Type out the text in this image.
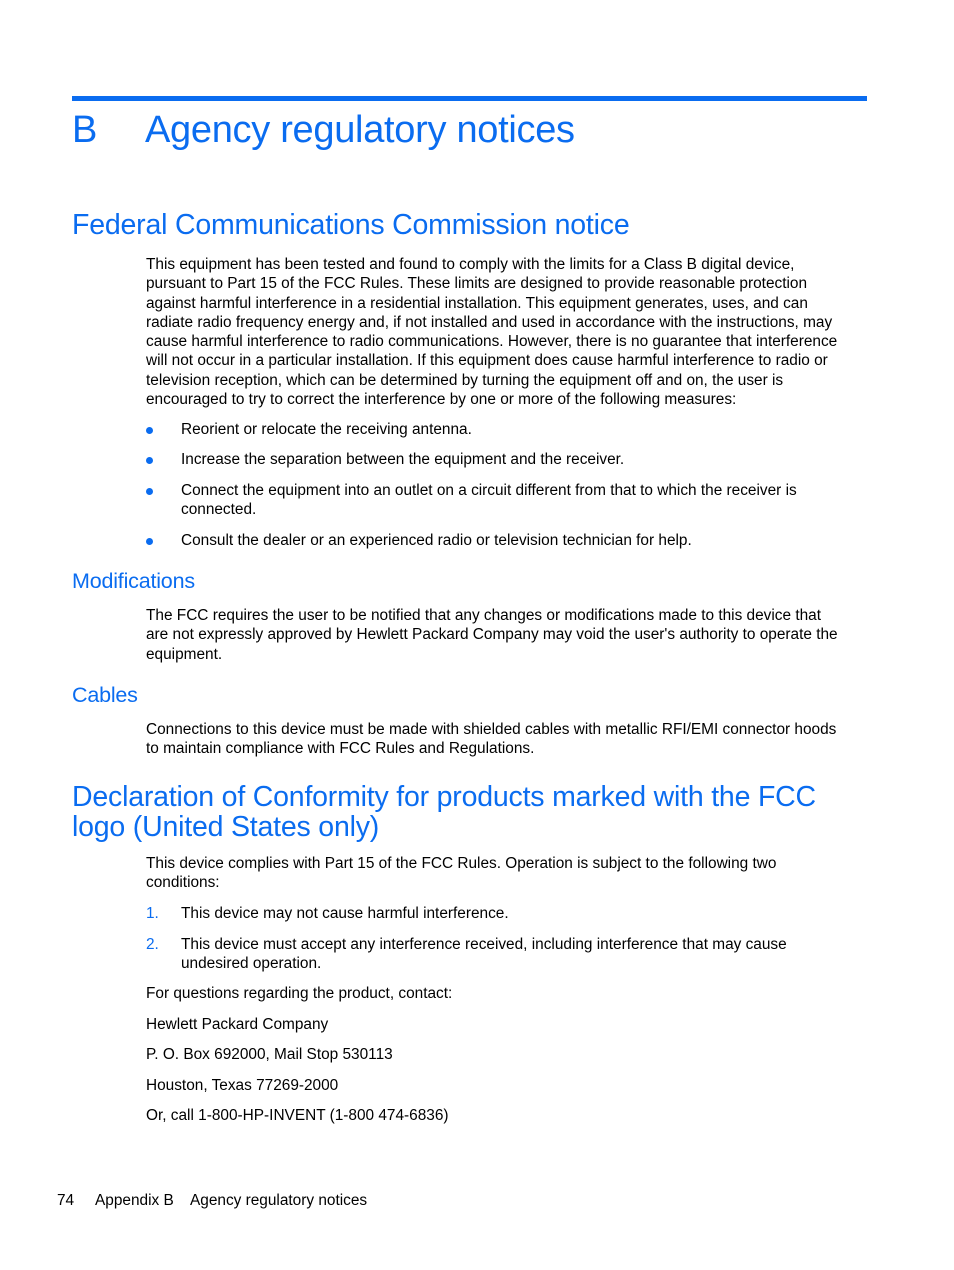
B Agency regulatory notices
Federal Communications Commission notice

This equipment has been tested and found to comply with the limits for a Class B digital device,
pursuant to Part 15 of the FCC Rules. These limits are designed to provide reasonable protection
against harmful interference in a residential installation. This equipment generates, uses, and can
radiate radio frequency energy and, if not installed and used in accordance with the instructions, may
cause harmful interference to radio communications. However, there is no guarantee that interference
will not occur in a particular installation. If this equipment does cause harmful interference to radio or
television reception, which can be determined by turning the equipment off and on, the user is
encouraged to try to correct the interference by one or more of the following measures:

Reorient or relocate the receiving antenna.
Increase the separation between the equipment and the receiver.
Connect the equipment into an outlet on a circuit different from that to which the receiver is
connected.
Consult the dealer or an experienced radio or television technician for help.
Modifications

The FCC requires the user to be notified that any changes or modifications made to this device that
are not expressly approved by Hewlett Packard Company may void the user's authority to operate the
equipment.

Cables

Connections to this device must be made with shielded cables with metallic RFI/EMI connector hoods
to maintain compliance with FCC Rules and Regulations.

Declaration of Conformity for products marked with the FCC
logo (United States only)

This device complies with Part 15 of the FCC Rules. Operation is subject to the following two
conditions:

1. This device may not cause harmful interference.
2. This device must accept any interference received, including interference that may cause
undesired operation.

For questions regarding the product, contact:

Hewlett Packard Company

P. O. Box 692000, Mail Stop 530113

Houston, Texas 77269-2000

Or, call 1-800-HP-INVENT (1-800 474-6836)

74 Appendix B Agency regulatory notices
